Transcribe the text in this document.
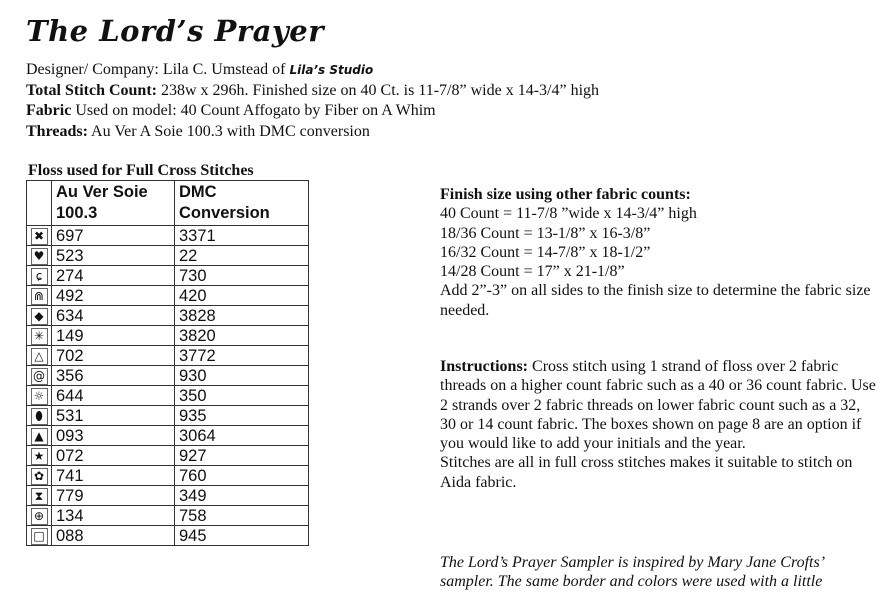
The Lord’s Prayer
Designer/ Company: Lila C. Umstead of Lila’s Studio
Total Stitch Count: 238w x 296h. Finished size on 40 Ct. is 11-7/8” wide x 14-3/4” high
Fabric Used on model: 40 Count Affogato by Fiber on A Whim
Threads: Au Ver A Soie 100.3 with DMC conversion
Floss used for Full Cross Stitches
	Au Ver Soie 100.3	DMC Conversion
✖	697	3371
♥	523	22
ɕ	274	730
⋒	492	420
◆	634	3828
✳	149	3820
△	702	3772
@	356	930
☼	644	350
⬮	531	935
▲	093	3064
★	072	927
✿	741	760
⧗	779	349
⊕	134	758
□	088	945
Finish size using other fabric counts:
40 Count = 11-7/8 ”wide x 14-3/4” high
18/36 Count = 13-1/8” x 16-3/8”
16/32 Count = 14-7/8” x 18-1/2”
14/28 Count = 17” x 21-1/8”
Add 2”-3” on all sides to the finish size to determine the fabric size needed.
Instructions: Cross stitch using 1 strand of floss over 2 fabric threads on a higher count fabric such as a 40 or 36 count fabric. Use 2 strands over 2 fabric threads on lower fabric count such as a 32, 30 or 14 count fabric. The boxes shown on page 8 are an option if you would like to add your initials and the year.
Stitches are all in full cross stitches makes it suitable to stitch on Aida fabric.
The Lord’s Prayer Sampler is inspired by Mary Jane Crofts’ sampler. The same border and colors were used with a little
